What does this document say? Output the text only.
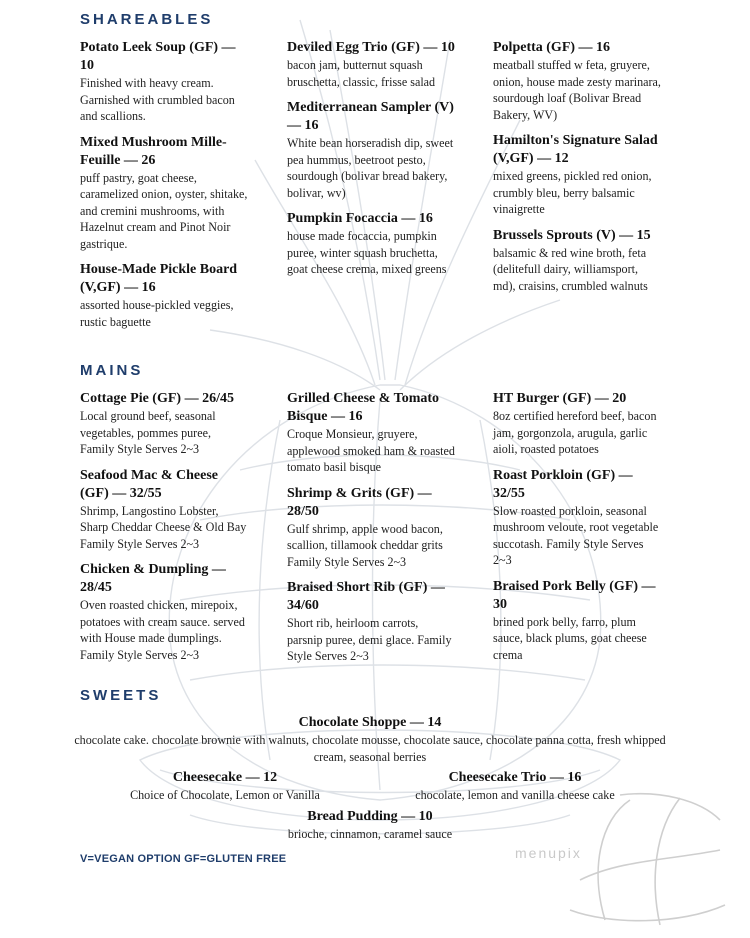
SHAREABLES
Potato Leek Soup (GF) — 10
Finished with heavy cream. Garnished with crumbled bacon and scallions.
Mixed Mushroom Mille-Feuille — 26
puff pastry, goat cheese, caramelized onion, oyster, shitake, and cremini mushrooms, with Hazelnut cream and Pinot Noir gastrique.
House-Made Pickle Board (V,GF) — 16
assorted house-pickled veggies, rustic baguette
Deviled Egg Trio (GF) — 10
bacon jam, butternut squash bruschetta, classic, frisse salad
Mediterranean Sampler (V) — 16
White bean horseradish dip, sweet pea hummus, beetroot pesto, sourdough (bolivar bread bakery, bolivar, wv)
Pumpkin Focaccia — 16
house made focaccia, pumpkin puree, winter squash bruchetta, goat cheese crema, mixed greens
Polpetta (GF) — 16
meatball stuffed w feta, gruyere, onion, house made zesty marinara, sourdough loaf (Bolivar Bread Bakery, WV)
Hamilton's Signature Salad (V,GF) — 12
mixed greens, pickled red onion, crumbly bleu, berry balsamic vinaigrette
Brussels Sprouts (V) — 15
balsamic & red wine broth, feta (delitefull dairy, williamsport, md), craisins, crumbled walnuts
MAINS
Cottage Pie (GF) — 26/45
Local ground beef, seasonal vegetables, pommes puree, Family Style Serves 2~3
Seafood Mac & Cheese (GF) — 32/55
Shrimp, Langostino Lobster, Sharp Cheddar Cheese & Old Bay Family Style Serves 2~3
Chicken & Dumpling — 28/45
Oven roasted chicken, mirepoix, potatoes with cream sauce. served with House made dumplings. Family Style Serves 2~3
Grilled Cheese & Tomato Bisque — 16
Croque Monsieur, gruyere, applewood smoked ham & roasted tomato basil bisque
Shrimp & Grits (GF) — 28/50
Gulf shrimp, apple wood bacon, scallion, tillamook cheddar grits Family Style Serves 2~3
Braised Short Rib (GF) — 34/60
Short rib, heirloom carrots, parsnip puree, demi glace. Family Style Serves 2~3
HT Burger (GF) — 20
8oz certified hereford beef, bacon jam, gorgonzola, arugula, garlic aioli, roasted potatoes
Roast Porkloin (GF) — 32/55
Slow roasted porkloin, seasonal mushroom veloute, root vegetable succotash. Family Style Serves 2~3
Braised Pork Belly (GF) — 30
brined pork belly, farro, plum sauce, black plums, goat cheese crema
SWEETS
Chocolate Shoppe — 14
chocolate cake. chocolate brownie with walnuts, chocolate mousse, chocolate sauce, chocolate panna cotta, fresh whipped cream, seasonal berries
Cheesecake — 12
Choice of Chocolate, Lemon or Vanilla
Cheesecake Trio — 16
chocolate, lemon and vanilla cheese cake
Bread Pudding — 10
brioche, cinnamon, caramel sauce

V=VEGAN OPTION GF=GLUTEN FREE	menupix
